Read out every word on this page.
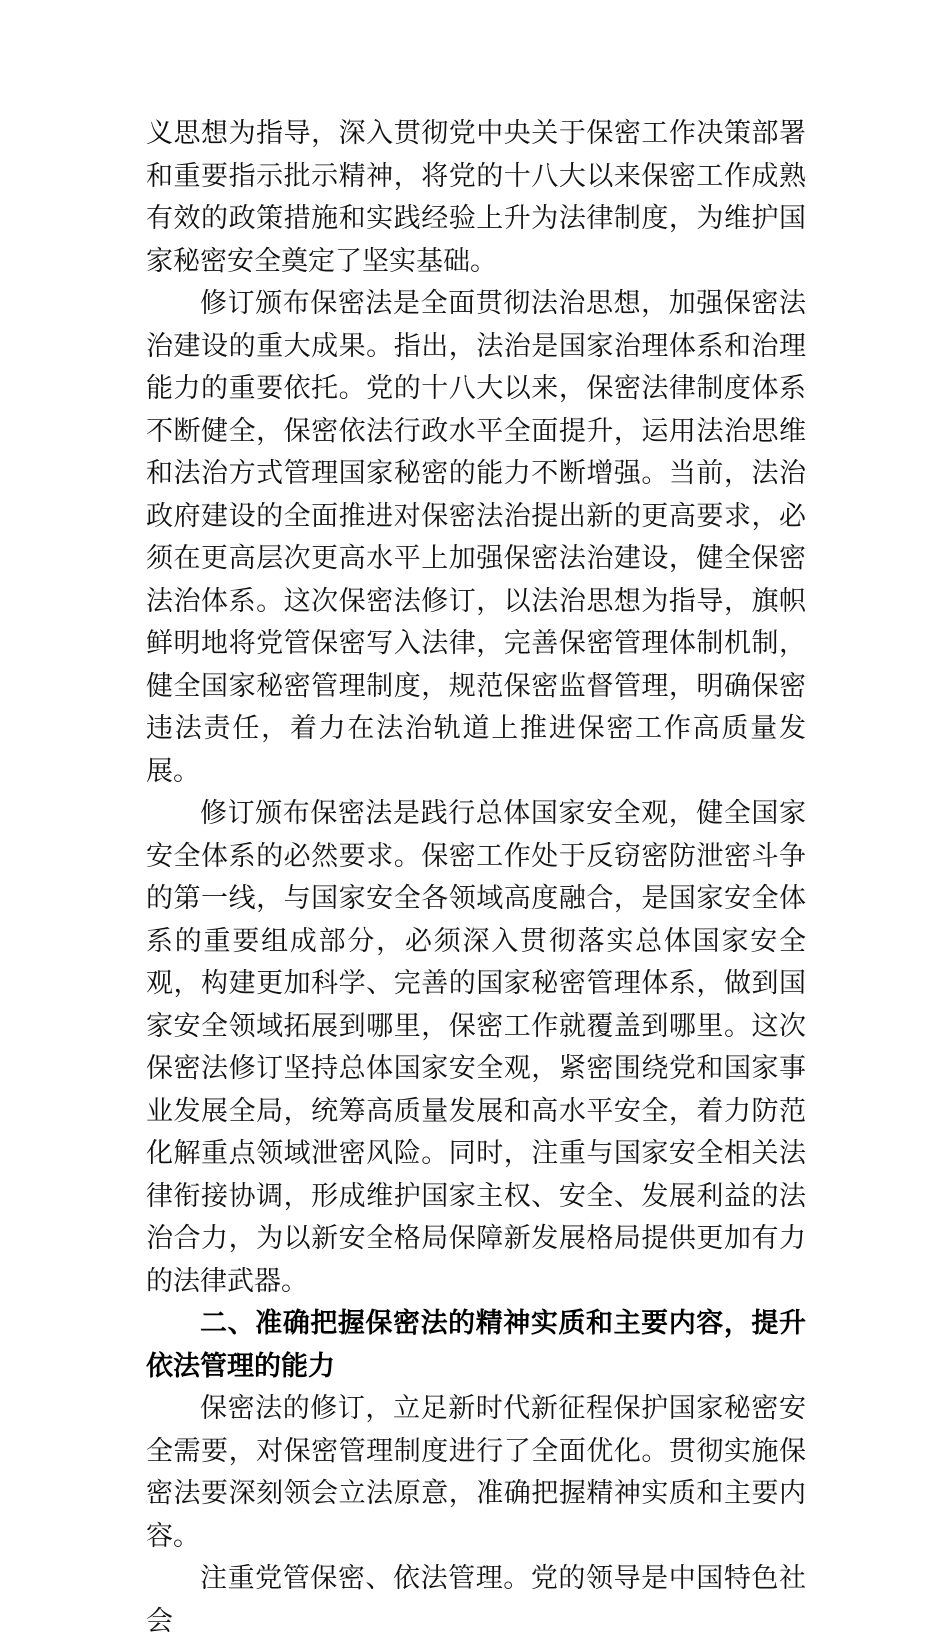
义思想为指导，深入贯彻党中央关于保密工作决策部署和重要指示批示精神，将党的十八大以来保密工作成熟有效的政策措施和实践经验上升为法律制度，为维护国家秘密安全奠定了坚实基础。

修订颁布保密法是全面贯彻法治思想，加强保密法治建设的重大成果。指出，法治是国家治理体系和治理能力的重要依托。党的十八大以来，保密法律制度体系不断健全，保密依法行政水平全面提升，运用法治思维和法治方式管理国家秘密的能力不断增强。当前，法治政府建设的全面推进对保密法治提出新的更高要求，必须在更高层次更高水平上加强保密法治建设，健全保密法治体系。这次保密法修订，以法治思想为指导，旗帜鲜明地将党管保密写入法律，完善保密管理体制机制，健全国家秘密管理制度，规范保密监督管理，明确保密违法责任，着力在法治轨道上推进保密工作高质量发展。

修订颁布保密法是践行总体国家安全观，健全国家安全体系的必然要求。保密工作处于反窃密防泄密斗争的第一线，与国家安全各领域高度融合，是国家安全体系的重要组成部分，必须深入贯彻落实总体国家安全观，构建更加科学、完善的国家秘密管理体系，做到国家安全领域拓展到哪里，保密工作就覆盖到哪里。这次保密法修订坚持总体国家安全观，紧密围绕党和国家事业发展全局，统筹高质量发展和高水平安全，着力防范化解重点领域泄密风险。同时，注重与国家安全相关法律衔接协调，形成维护国家主权、安全、发展利益的法治合力，为以新安全格局保障新发展格局提供更加有力的法律武器。

二、准确把握保密法的精神实质和主要内容，提升依法管理的能力

保密法的修订，立足新时代新征程保护国家秘密安全需要，对保密管理制度进行了全面优化。贯彻实施保密法要深刻领会立法原意，准确把握精神实质和主要内容。

注重党管保密、依法管理。党的领导是中国特色社会
